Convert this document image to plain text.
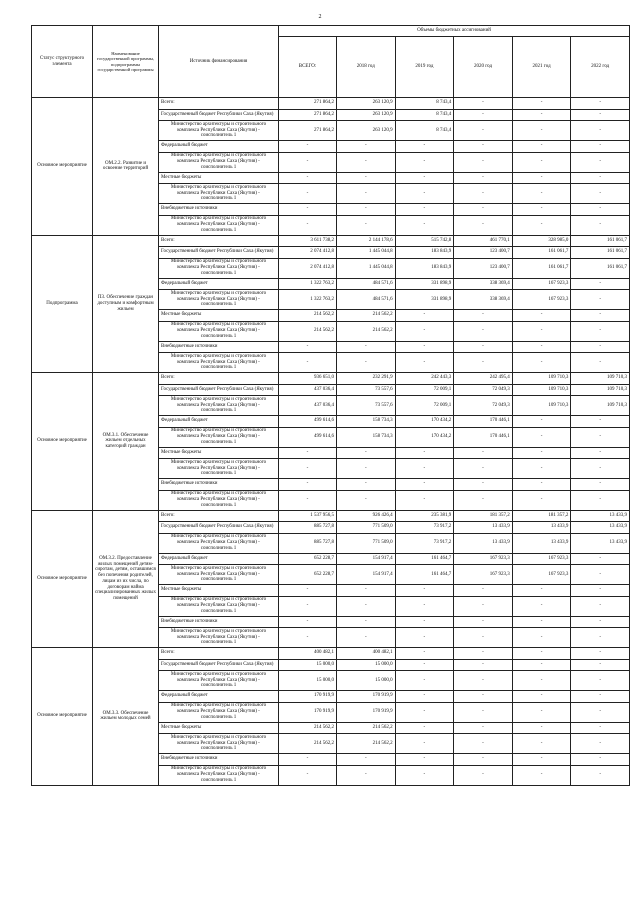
2
Статус структурного элемента	Наименование государственной программы, подпрограммы государственной программы	Источник финансирования	Объемы бюджетных ассигнований					
			ВСЕГО:	2018 год	2019 год	2020 год	2021 год	2022 год
Основное мероприятие	ОМ.2.2. Развитие и освоение территорий	Всего:	271 864,2	263 120,9	8 743,4	-	-	-
		Государственный бюджет Республики Саха (Якутия)	271 864,2	263 120,9	8 743,4	-	-	-
		Министерство архитектуры и строительного комплекса Республики Саха (Якутия) - соисполнитель 1	271 864,2	263 120,9	8 743,4	-	-	-
		Федеральный бюджет	-	-	-	-	-	-
		Министерство архитектуры и строительного комплекса Республики Саха (Якутия) - соисполнитель 1	-	-	-	-	-	-
		Местные бюджеты	-	-	-	-	-	-
		Министерство архитектуры и строительного комплекса Республики Саха (Якутия) - соисполнитель 1	-	-	-	-	-	-
		Внебюджетные источники	-	-	-	-	-	-
		Министерство архитектуры и строительного комплекса Республики Саха (Якутия) - соисполнитель 1	-	-	-	-	-	-
Подпрограмма	П3. Обеспечение граждан доступным и комфортным жильем	Всего:	3 611 738,2	2 144 178,6	515 742,8	461 770,1	328 985,0	161 061,7
		Государственный бюджет Республики Саха (Якутия)	2 074 412,8	1 445 044,8	183 843,9	123 400,7	161 061,7	161 061,7
		Министерство архитектуры и строительного комплекса Республики Саха (Якутия) - соисполнитель 1	2 074 412,8	1 445 044,8	183 843,9	123 400,7	161 061,7	161 061,7
		Федеральный бюджет	1 322 763,2	484 571,6	331 898,9	338 369,4	167 923,3	-
		Министерство архитектуры и строительного комплекса Республики Саха (Якутия) - соисполнитель 1	1 322 763,2	484 571,6	331 898,9	338 369,4	167 923,3	-
		Местные бюджеты	214 562,2	214 562,2	-	-	-	-
		Министерство архитектуры и строительного комплекса Республики Саха (Якутия) - соисполнитель 1	214 562,2	214 562,2	-	-	-	-
		Внебюджетные источники	-	-	-	-	-	-
		Министерство архитектуры и строительного комплекса Республики Саха (Якутия) - соисполнитель 1	-	-	-	-	-	-
Основное мероприятие	ОМ.3.1. Обеспечение жильем отдельных категорий граждан	Всего:	936 651,0	232 291,9	242 443,3	242 495,4	109 710,3	109 710,3
		Государственный бюджет Республики Саха (Якутия)	437 036,4	73 557,6	72 009,1	72 049,3	109 710,3	109 710,3
		Министерство архитектуры и строительного комплекса Республики Саха (Якутия) - соисполнитель 1	437 036,4	73 557,6	72 009,1	72 049,3	109 710,3	109 710,3
		Федеральный бюджет	499 614,6	158 734,3	170 434,2	170 446,1	-	-
		Министерство архитектуры и строительного комплекса Республики Саха (Якутия) - соисполнитель 1	499 614,6	158 734,3	170 434,2	170 446,1	-	-
		Местные бюджеты	-	-	-	-	-	-
		Министерство архитектуры и строительного комплекса Республики Саха (Якутия) - соисполнитель 1	-	-	-	-	-	-
		Внебюджетные источники	-	-	-	-	-	-
		Министерство архитектуры и строительного комплекса Республики Саха (Якутия) - соисполнитель 1	-	-	-	-	-	-
Основное мероприятие	ОМ.3.2. Предоставление жилых помещений детям-сиротам, детям, оставшимся без попечения родителей, лицам из их числа, по договорам найма специализированных жилых помещений	Всего:	1 537 956,5	926 426,4	235 381,9	181 357,2	181 357,2	13 433,9
		Государственный бюджет Республики Саха (Якутия)	885 727,8	771 509,0	73 917,2	13 433,9	13 433,9	13 433,9
		Министерство архитектуры и строительного комплекса Республики Саха (Якутия) - соисполнитель 1	885 727,8	771 509,0	73 917,2	13 433,9	13 433,9	13 433,9
		Федеральный бюджет	652 228,7	154 917,4	161 464,7	167 923,3	167 923,3	-
		Министерство архитектуры и строительного комплекса Республики Саха (Якутия) - соисполнитель 1	652 228,7	154 917,4	161 464,7	167 923,3	167 923,3	-
		Местные бюджеты	-	-	-	-	-	-
		Министерство архитектуры и строительного комплекса Республики Саха (Якутия) - соисполнитель 1	-	-	-	-	-	-
		Внебюджетные источники	-	-	-	-	-	-
		Министерство архитектуры и строительного комплекса Республики Саха (Якутия) - соисполнитель 1	-	-	-	-	-	-
Основное мероприятие	ОМ.3.3. Обеспечение жильем молодых семей	Всего:	400 482,1	400 482,1	-	-	-	-
		Государственный бюджет Республики Саха (Якутия)	15 000,0	15 000,0	-	-	-	-
		Министерство архитектуры и строительного комплекса Республики Саха (Якутия) - соисполнитель 1	15 000,0	15 000,0	-	-	-	-
		Федеральный бюджет	170 919,9	170 919,9	-	-	-	-
		Министерство архитектуры и строительного комплекса Республики Саха (Якутия) - соисполнитель 1	170 919,9	170 919,9	-	-	-	-
		Местные бюджеты	214 562,2	214 562,2	-	-	-	-
		Министерство архитектуры и строительного комплекса Республики Саха (Якутия) - соисполнитель 1	214 562,2	214 562,2	-	-	-	-
		Внебюджетные источники	-	-	-	-	-	-
		Министерство архитектуры и строительного комплекса Республики Саха (Якутия) - соисполнитель 1	-	-	-	-	-	-
